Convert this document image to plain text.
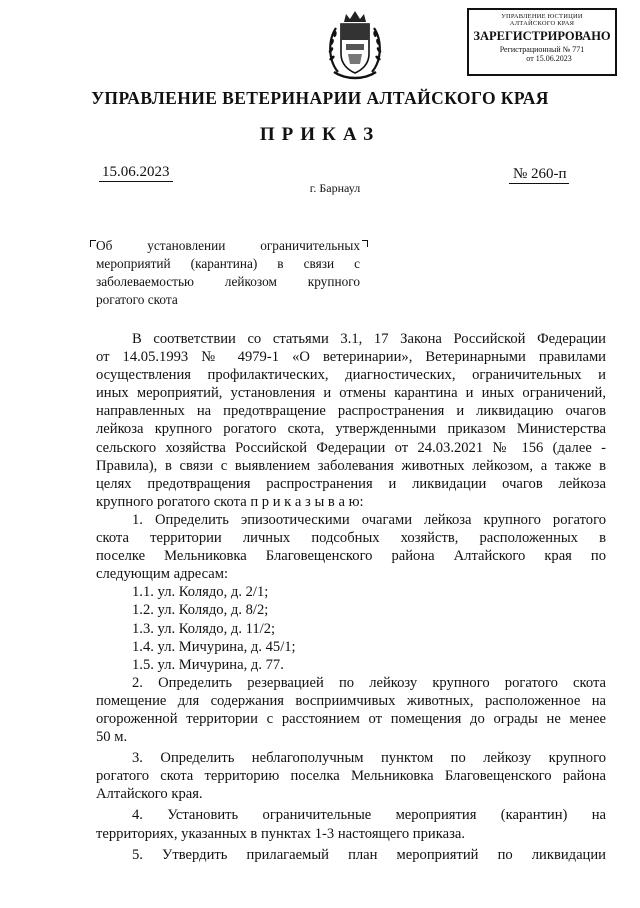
УПРАВЛЕНИЕ ЮСТИЦИИ
АЛТАЙСКОГО КРАЯ
ЗАРЕГИСТРИРОВАНО
Регистрационный № 771
от 15.06.2023
УПРАВЛЕНИЕ ВЕТЕРИНАРИИ АЛТАЙСКОГО КРАЯ
ПРИКАЗ
15.06.2023	№ 260-п
г. Барнаул
Об установлении ограничительных
мероприятий (карантина) в связи с
заболеваемостью лейкозом крупного
рогатого скота
В соответствии со статьями 3.1, 17 Закона Российской Федерации
от 14.05.1993 № 4979-1 «О ветеринарии», Ветеринарными правилами
осуществления профилактических, диагностических, ограничительных и
иных мероприятий, установления и отмены карантина и иных ограничений,
направленных на предотвращение распространения и ликвидацию очагов
лейкоза крупного рогатого скота, утвержденными приказом Министерства
сельского хозяйства Российской Федерации от 24.03.2021 № 156 (далее -
Правила), в связи с выявлением заболевания животных лейкозом, а также в
целях предотвращения распространения и ликвидации очагов лейкоза
крупного рогатого скота п р и к а з ы в а ю:
1. Определить эпизоотическими очагами лейкоза крупного рогатого
скота территории личных подсобных хозяйств, расположенных в
поселке Мельниковка Благовещенского района Алтайского края по
следующим адресам:
1.1. ул. Колядо, д. 2/1;
1.2. ул. Колядо, д. 8/2;
1.3. ул. Колядо, д. 11/2;
1.4. ул. Мичурина, д. 45/1;
1.5. ул. Мичурина, д. 77.
2. Определить резервацией по лейкозу крупного рогатого скота
помещение для содержания восприимчивых животных, расположенное на
огороженной территории с расстоянием от помещения до ограды не менее
50 м.
3. Определить неблагополучным пунктом по лейкозу крупного
рогатого скота территорию поселка Мельниковка Благовещенского района
Алтайского края.
4. Установить ограничительные мероприятия (карантин) на
территориях, указанных в пунктах 1-3 настоящего приказа.
5. Утвердить прилагаемый план мероприятий по ликвидации
